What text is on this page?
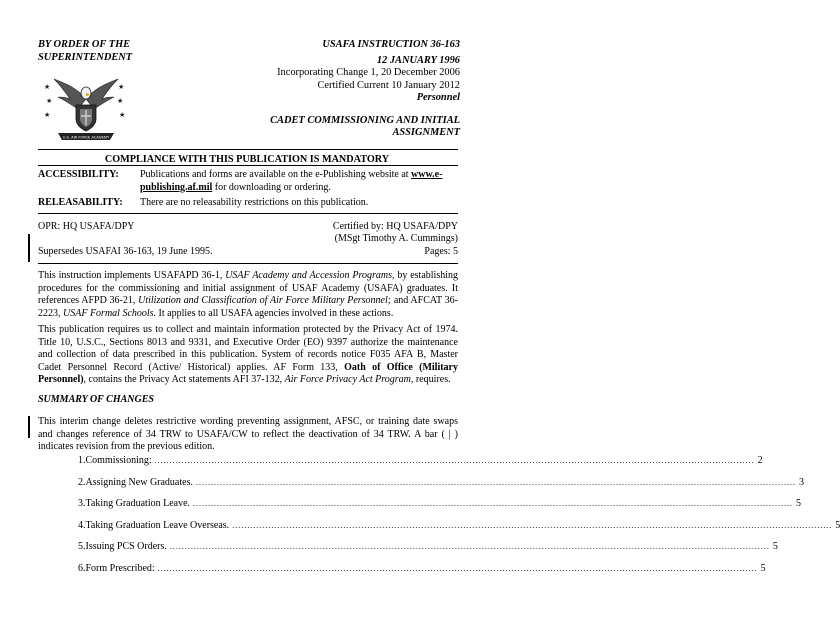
BY ORDER OF THE
SUPERINTENDENT
USAFA INSTRUCTION 36-163
12 JANUARY 1996
Incorporating Change 1, 20 December 2006
Certified Current 10 January 2012
Personnel
CADET COMMISSIONING AND INITIAL
ASSIGNMENT
★
★
★
★
★
★
U.S. AIR FORCE ACADEMY
COMPLIANCE WITH THIS PUBLICATION IS MANDATORY
ACCESSIBILITY: Publications and forms are available on the e-Publishing website at www.e-publishing.af.mil for downloading or ordering.
RELEASABILITY: There are no releasability restrictions on this publication.
OPR: HQ USAFA/DPY	Certified by: HQ USAFA/DPY
(MSgt Timothy A. Cummings)
Supersedes USAFAI 36-163, 19 June 1995.	Pages: 5
This instruction implements USAFAPD 36-1, USAF Academy and Accession Programs, by establishing procedures for the commissioning and initial assignment of USAF Academy (USAFA) graduates. It references AFPD 36-21, Utilization and Classification of Air Force Military Personnel; and AFCAT 36-2223, USAF Formal Schools. It applies to all USAFA agencies involved in these actions.
This publication requires us to collect and maintain information protected by the Privacy Act of 1974. Title 10, U.S.C., Sections 8013 and 9331, and Executive Order (EO) 9397 authorize the maintenance and collection of data prescribed in this publication. System of records notice F035 AFA B, Master Cadet Personnel Record (Active/ Historical) applies. AF Form 133, Oath of Office (Military Personnel), contains the Privacy Act statements AFI 37-132, Air Force Privacy Act Program, requires.
SUMMARY OF CHANGES
This interim change deletes restrictive wording preventing assignment, AFSC, or training date swaps and changes reference of 34 TRW to USAFA/CW to reflect the deactivation of 34 TRW. A bar ( | ) indicates revision from the previous edition.
1. Commissioning: ........................................................................................................................................................................................................ 2
2. Assigning New Graduates. ........................................................................................................................................................................................................ 3
3. Taking Graduation Leave. ........................................................................................................................................................................................................ 5
4. Taking Graduation Leave Overseas. ........................................................................................................................................................................................................ 5
5. Issuing PCS Orders. ........................................................................................................................................................................................................ 5
6. Form Prescribed: ........................................................................................................................................................................................................ 5
